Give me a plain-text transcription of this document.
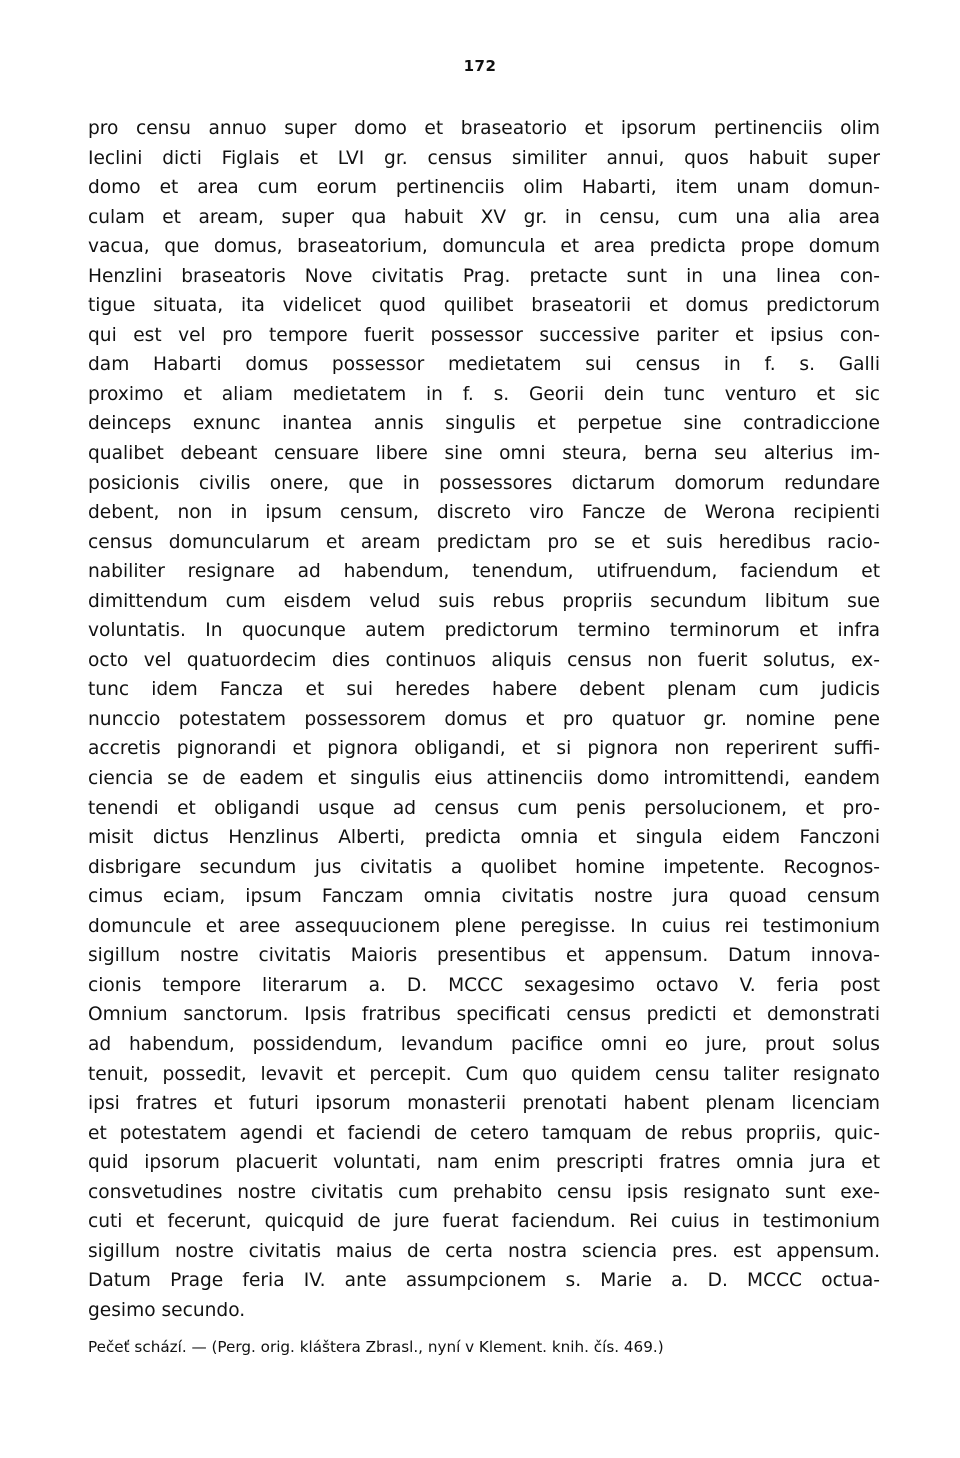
172
pro censu annuo super domo et braseatorio et ipsorum pertinenciis olim
Ieclini dicti Figlais et LVI gr. census similiter annui, quos habuit super
domo et area cum eorum pertinenciis olim Habarti, item unam domun-
culam et aream, super qua habuit XV gr. in censu, cum una alia area
vacua, que domus, braseatorium, domuncula et area predicta prope domum
Henzlini braseatoris Nove civitatis Prag. pretacte sunt in una linea con-
tigue situata, ita videlicet quod quilibet braseatorii et domus predictorum
qui est vel pro tempore fuerit possessor successive pariter et ipsius con-
dam Habarti domus possessor medietatem sui census in f. s. Galli
proximo et aliam medietatem in f. s. Georii dein tunc venturo et sic
deinceps exnunc inantea annis singulis et perpetue sine contradiccione
qualibet debeant censuare libere sine omni steura, berna seu alterius im-
posicionis civilis onere, que in possessores dictarum domorum redundare
debent, non in ipsum censum, discreto viro Fancze de Werona recipienti
census domuncularum et aream predictam pro se et suis heredibus racio-
nabiliter resignare ad habendum, tenendum, utifruendum, faciendum et
dimittendum cum eisdem velud suis rebus propriis secundum libitum sue
voluntatis. In quocunque autem predictorum termino terminorum et infra
octo vel quatuordecim dies continuos aliquis census non fuerit solutus, ex-
tunc idem Fancza et sui heredes habere debent plenam cum judicis
nunccio potestatem possessorem domus et pro quatuor gr. nomine pene
accretis pignorandi et pignora obligandi, et si pignora non reperirent suffi-
ciencia se de eadem et singulis eius attinenciis domo intromittendi, eandem
tenendi et obligandi usque ad census cum penis persolucionem, et pro-
misit dictus Henzlinus Alberti, predicta omnia et singula eidem Fanczoni
disbrigare secundum jus civitatis a quolibet homine impetente. Recognos-
cimus eciam, ipsum Fanczam omnia civitatis nostre jura quoad censum
domuncule et aree assequucionem plene peregisse. In cuius rei testimonium
sigillum nostre civitatis Maioris presentibus et appensum. Datum innova-
cionis tempore literarum a. D. MCCC sexagesimo octavo V. feria post
Omnium sanctorum. Ipsis fratribus specificati census predicti et demonstrati
ad habendum, possidendum, levandum pacifice omni eo jure, prout solus
tenuit, possedit, levavit et percepit. Cum quo quidem censu taliter resignato
ipsi fratres et futuri ipsorum monasterii prenotati habent plenam licenciam
et potestatem agendi et faciendi de cetero tamquam de rebus propriis, quic-
quid ipsorum placuerit voluntati, nam enim prescripti fratres omnia jura et
consvetudines nostre civitatis cum prehabito censu ipsis resignato sunt exe-
cuti et fecerunt, quicquid de jure fuerat faciendum. Rei cuius in testimonium
sigillum nostre civitatis maius de certa nostra sciencia pres. est appensum.
Datum Prage feria IV. ante assumpcionem s. Marie a. D. MCCC octua-
gesimo secundo.
Pečeť schází. — (Perg. orig. kláštera Zbrasl., nyní v Klement. knih. čís. 469.)
